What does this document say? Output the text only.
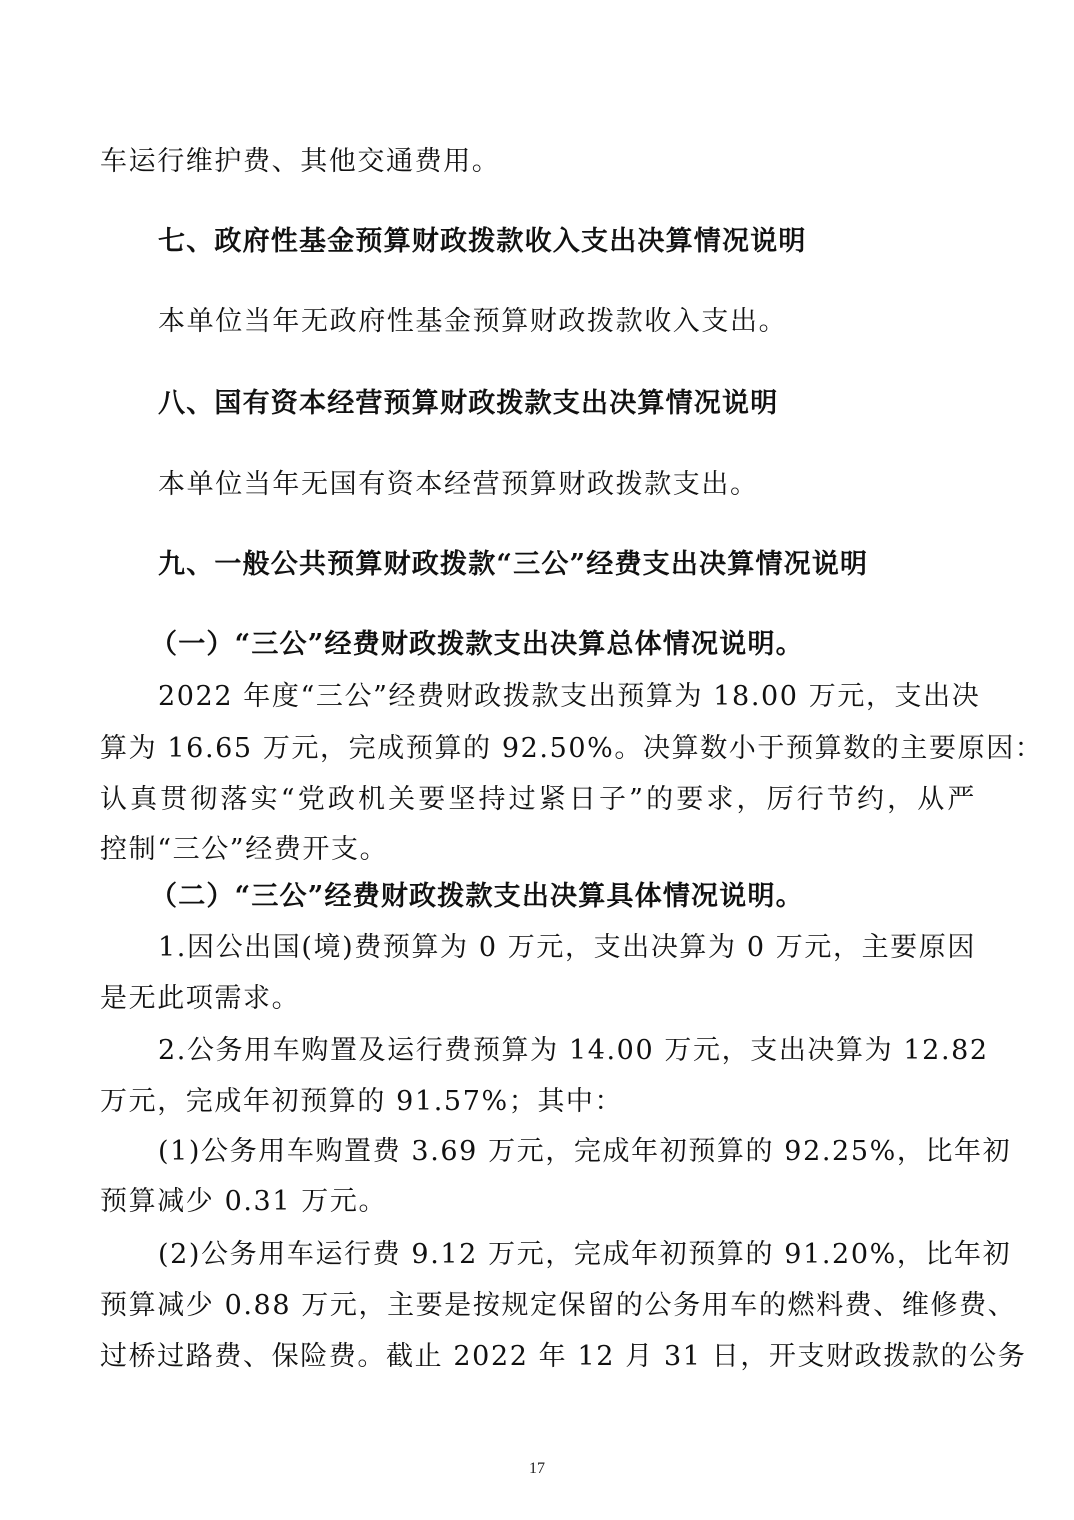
车运行维护费、其他交通费用。
七、政府性基金预算财政拨款收入支出决算情况说明
本单位当年无政府性基金预算财政拨款收入支出。
八、国有资本经营预算财政拨款支出决算情况说明
本单位当年无国有资本经营预算财政拨款支出。
九、一般公共预算财政拨款“三公”经费支出决算情况说明
（一）“三公”经费财政拨款支出决算总体情况说明。
2022 年度“三公”经费财政拨款支出预算为 18.00 万元，支出决
算为 16.65 万元，完成预算的 92.50%。决算数小于预算数的主要原因：
认真贯彻落实“党政机关要坚持过紧日子”的要求，厉行节约，从严
控制“三公”经费开支。
（二）“三公”经费财政拨款支出决算具体情况说明。
1.因公出国(境)费预算为 0 万元，支出决算为 0 万元，主要原因
是无此项需求。
2.公务用车购置及运行费预算为 14.00 万元，支出决算为 12.82
万元，完成年初预算的 91.57%；其中：
(1)公务用车购置费 3.69 万元，完成年初预算的 92.25%，比年初
预算减少 0.31 万元。
(2)公务用车运行费 9.12 万元，完成年初预算的 91.20%，比年初
预算减少 0.88 万元，主要是按规定保留的公务用车的燃料费、维修费、
过桥过路费、保险费。截止 2022 年 12 月 31 日，开支财政拨款的公务
17
